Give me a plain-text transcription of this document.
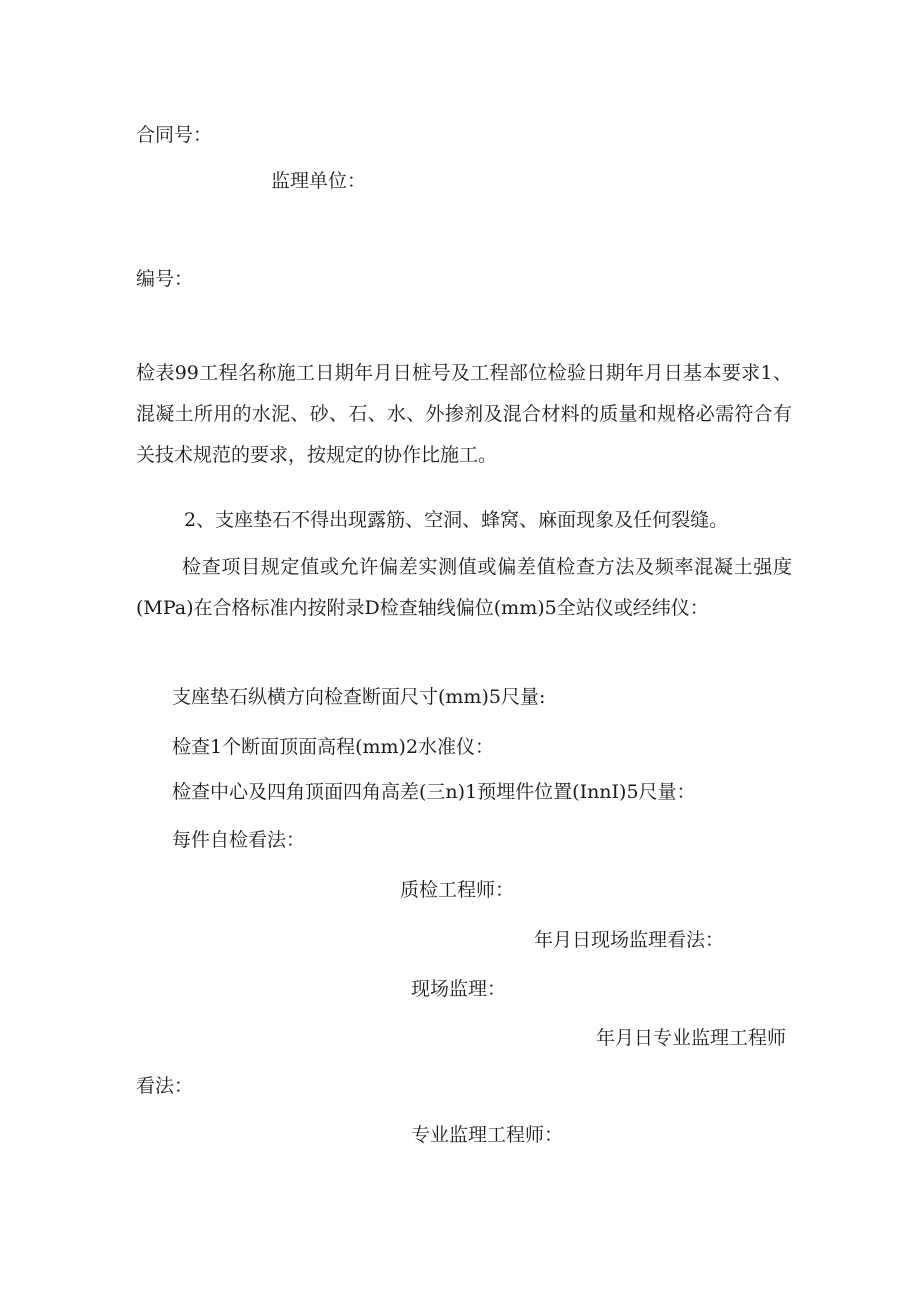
合同号：
监理单位：
编号：
检表99工程名称施工日期年月日桩号及工程部位检验日期年月日基本要求1、混凝土所用的水泥、砂、石、水、外掺剂及混合材料的质量和规格必需符合有关技术规范的要求，按规定的协作比施工。
2、支座垫石不得出现露筋、空洞、蜂窝、麻面现象及任何裂缝。
检查项目规定值或允许偏差实测值或偏差值检查方法及频率混凝土强度(MPa)在合格标准内按附录D检查轴线偏位(mm)5全站仪或经纬仪：
支座垫石纵横方向检查断面尺寸(mm)5尺量:
检查1个断面顶面高程(mm)2水准仪：
检查中心及四角顶面四角高差(三n)1预埋件位置(InnI)5尺量：
每件自检看法：
质检工程师：
年月日现场监理看法：
现场监理：
年月日专业监理工程师
看法：
专业监理工程师：
